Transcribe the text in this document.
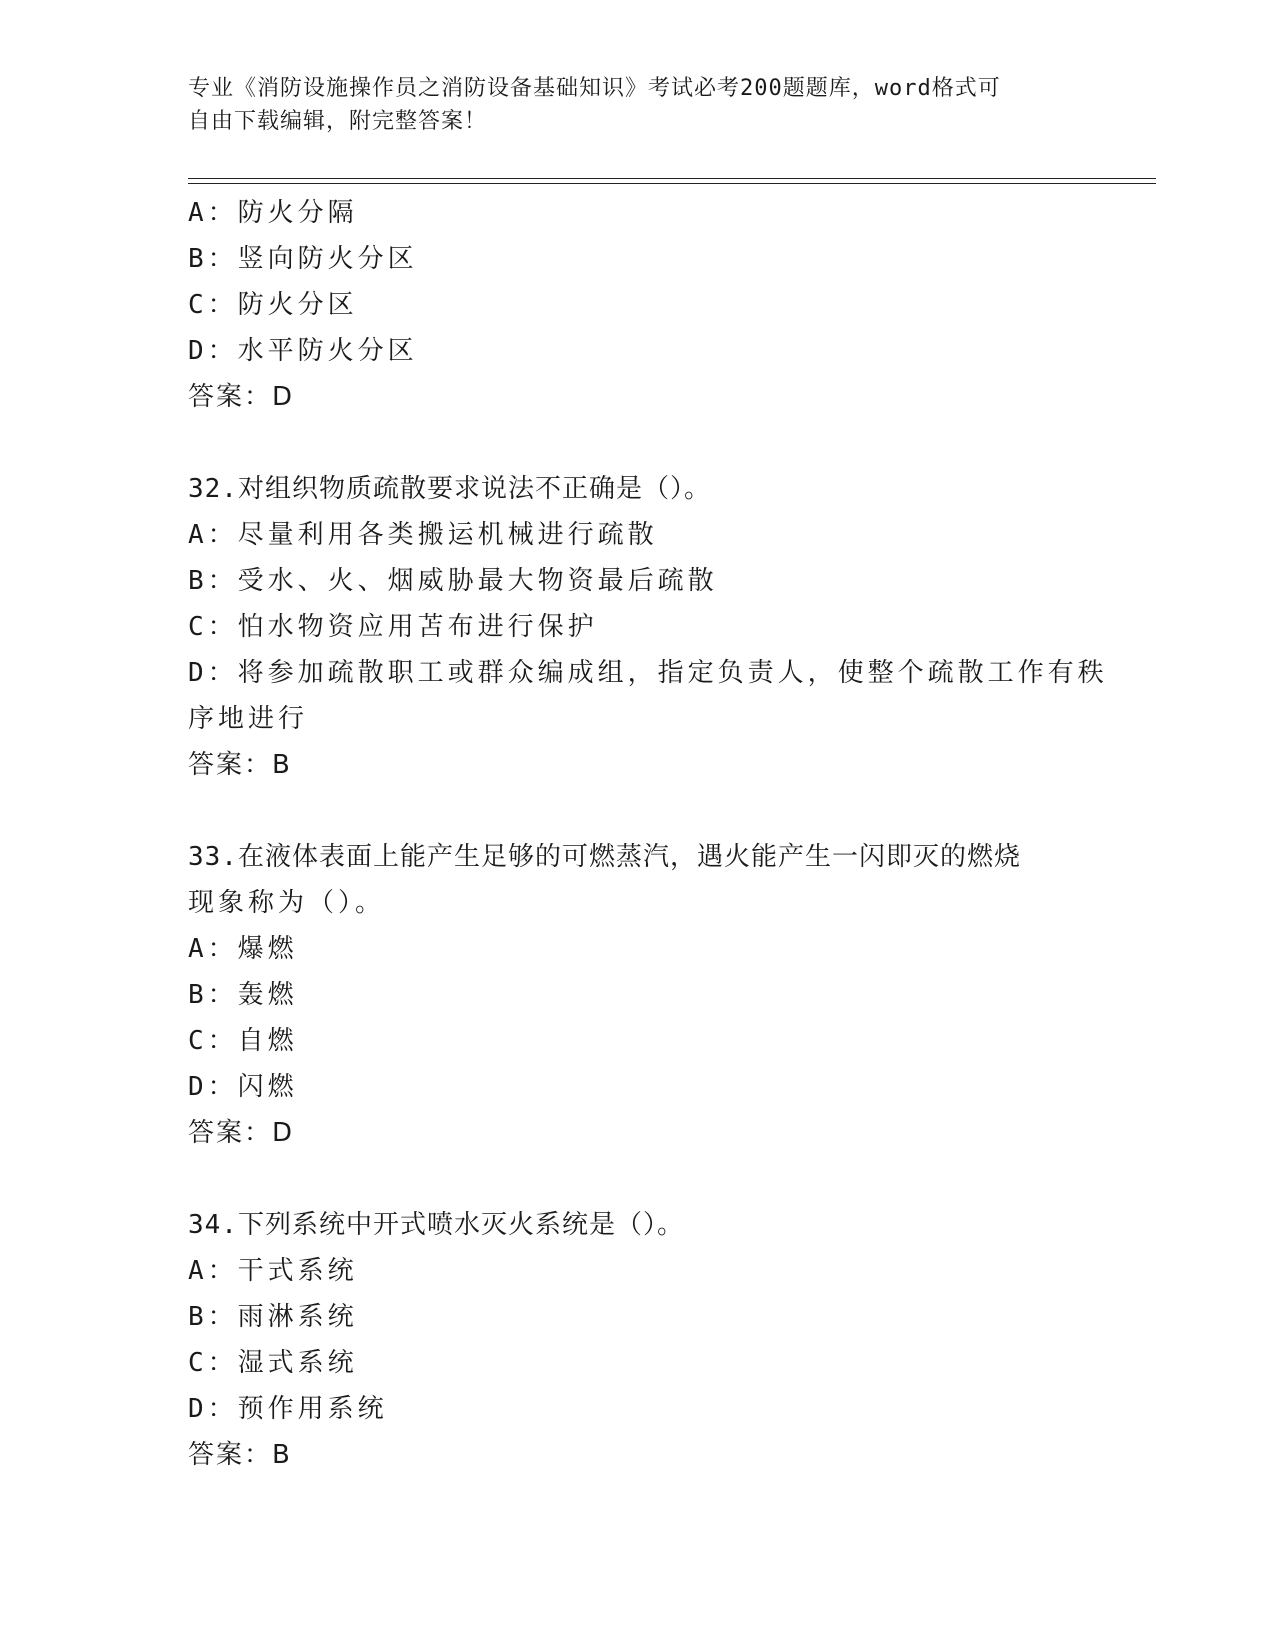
专业《消防设施操作员之消防设备基础知识》考试必考200题题库，word格式可
自由下载编辑，附完整答案！
A：防火分隔
B：竖向防火分区
C：防火分区
D：水平防火分区
答案：D
32.对组织物质疏散要求说法不正确是（）。
A：尽量利用各类搬运机械进行疏散
B：受水、火、烟威胁最大物资最后疏散
C：怕水物资应用苫布进行保护
D：将参加疏散职工或群众编成组，指定负责人，使整个疏散工作有秩
序地进行
答案：B
33.在液体表面上能产生足够的可燃蒸汽，遇火能产生一闪即灭的燃烧
现象称为（）。
A：爆燃
B：轰燃
C：自燃
D：闪燃
答案：D
34.下列系统中开式喷水灭火系统是（）。
A：干式系统
B：雨淋系统
C：湿式系统
D：预作用系统
答案：B
